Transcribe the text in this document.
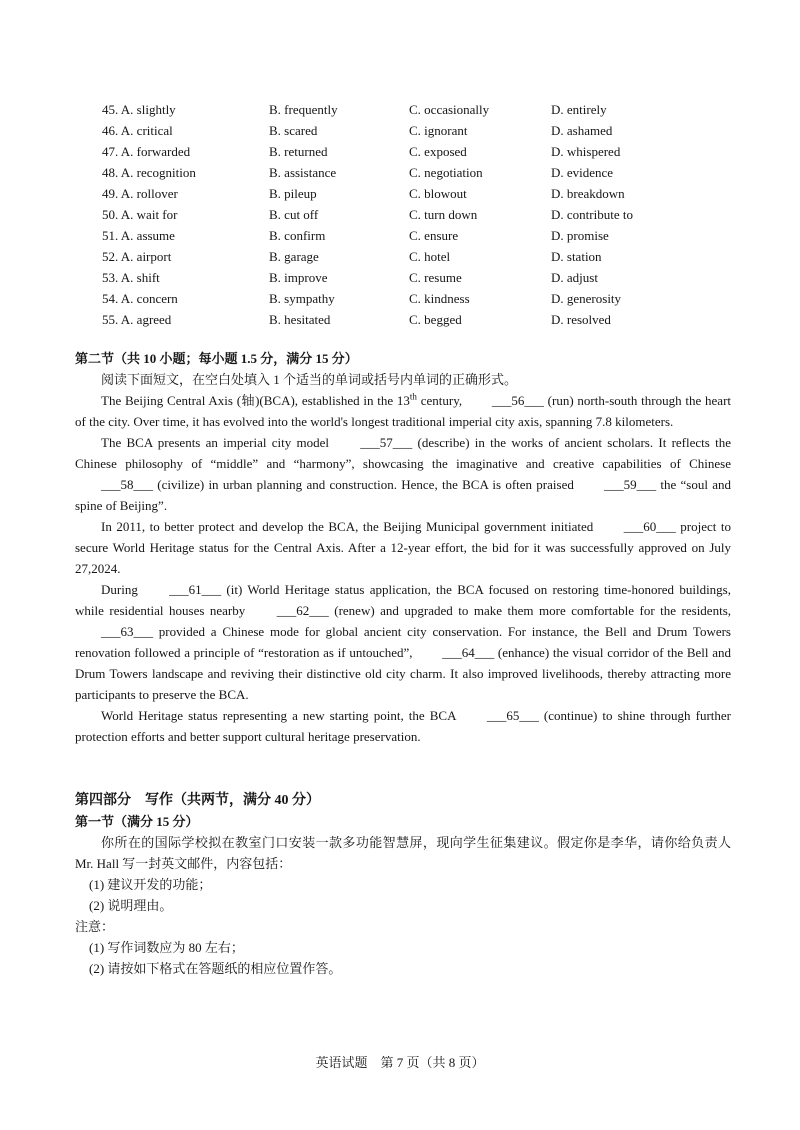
45. A. slightly	B. frequently	C. occasionally	D. entirely
46. A. critical	B. scared	C. ignorant	D. ashamed
47. A. forwarded	B. returned	C. exposed	D. whispered
48. A. recognition	B. assistance	C. negotiation	D. evidence
49. A. rollover	B. pileup	C. blowout	D. breakdown
50. A. wait for	B. cut off	C. turn down	D. contribute to
51. A. assume	B. confirm	C. ensure	D. promise
52. A. airport	B. garage	C. hotel	D. station
53. A. shift	B. improve	C. resume	D. adjust
54. A. concern	B. sympathy	C. kindness	D. generosity
55. A. agreed	B. hesitated	C. begged	D. resolved
第二节（共 10 小题；每小题 1.5 分，满分 15 分）
阅读下面短文，在空白处填入 1 个适当的单词或括号内单词的正确形式。

The Beijing Central Axis (轴)(BCA), established in the 13th century, ___56___ (run) north-south through the heart of the city. Over time, it has evolved into the world's longest traditional imperial city axis, spanning 7.8 kilometers.

The BCA presents an imperial city model ___57___ (describe) in the works of ancient scholars. It reflects the Chinese philosophy of “middle” and “harmony”, showcasing the imaginative and creative capabilities of Chinese ___58___ (civilize) in urban planning and construction. Hence, the BCA is often praised ___59___ the “soul and spine of Beijing”.

In 2011, to better protect and develop the BCA, the Beijing Municipal government initiated ___60___ project to secure World Heritage status for the Central Axis. After a 12-year effort, the bid for it was successfully approved on July 27,2024.

During ___61___ (it) World Heritage status application, the BCA focused on restoring time-honored buildings, while residential houses nearby ___62___ (renew) and upgraded to make them more comfortable for the residents, ___63___ provided a Chinese mode for global ancient city conservation. For instance, the Bell and Drum Towers renovation followed a principle of “restoration as if untouched”, ___64___ (enhance) the visual corridor of the Bell and Drum Towers landscape and reviving their distinctive old city charm. It also improved livelihoods, thereby attracting more participants to preserve the BCA.

World Heritage status representing a new starting point, the BCA ___65___ (continue) to shine through further protection efforts and better support cultural heritage preservation.

第四部分　写作（共两节，满分 40 分）
第一节（满分 15 分）

你所在的国际学校拟在教室门口安装一款多功能智慧屏，现向学生征集建议。假定你是李华，请你给负责人 Mr. Hall 写一封英文邮件，内容包括：

(1) 建议开发的功能；
(2) 说明理由。
注意：
(1) 写作词数应为 80 左右；
(2) 请按如下格式在答题纸的相应位置作答。
英语试题　第 7 页（共 8 页）
